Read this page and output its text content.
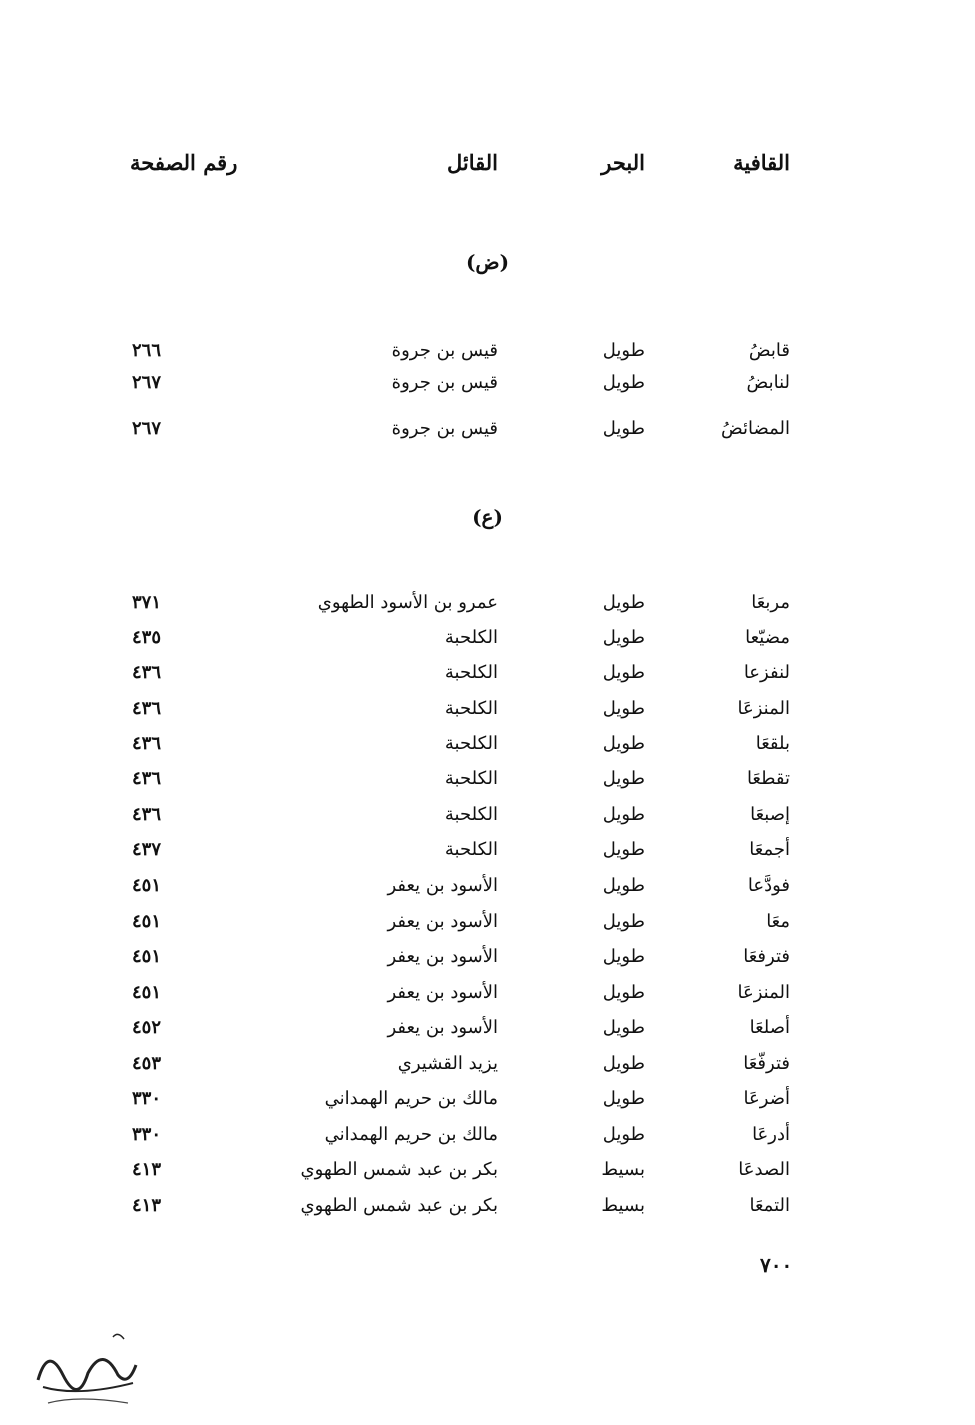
القافية
البحر
القائل
رقم الصفحة
(ض)
قابضُ
طويل
قيس بن جروة
٢٦٦
لنابضُ
طويل
قيس بن جروة
٢٦٧
المضائضُ
طويل
قيس بن جروة
٢٦٧
(ع)
مربعَا
طويل
عمرو بن الأسود الطهوي
٣٧١
مضيّعا
طويل
الكلحبة
٤٣٥
لنفزعا
طويل
الكلحبة
٤٣٦
المنزعَا
طويل
الكلحبة
٤٣٦
بلقعَا
طويل
الكلحبة
٤٣٦
تقطعَا
طويل
الكلحبة
٤٣٦
إصبعَا
طويل
الكلحبة
٤٣٦
أجمعَا
طويل
الكلحبة
٤٣٧
فودَّعا
طويل
الأسود بن يعفر
٤٥١
معَا
طويل
الأسود بن يعفر
٤٥١
فترفعَا
طويل
الأسود بن يعفر
٤٥١
المنزعَا
طويل
الأسود بن يعفر
٤٥١
أصلعَا
طويل
الأسود بن يعفر
٤٥٢
فترفّعَا
طويل
يزيد القشيري
٤٥٣
أضرعَا
طويل
مالك بن حريم الهمداني
٣٣٠
أدرعَا
طويل
مالك بن حريم الهمداني
٣٣٠
الصدعَا
بسيط
بكر بن عبد شمس الطهوي
٤١٣
التمعَا
بسيط
بكر بن عبد شمس الطهوي
٤١٣
٧٠٠
